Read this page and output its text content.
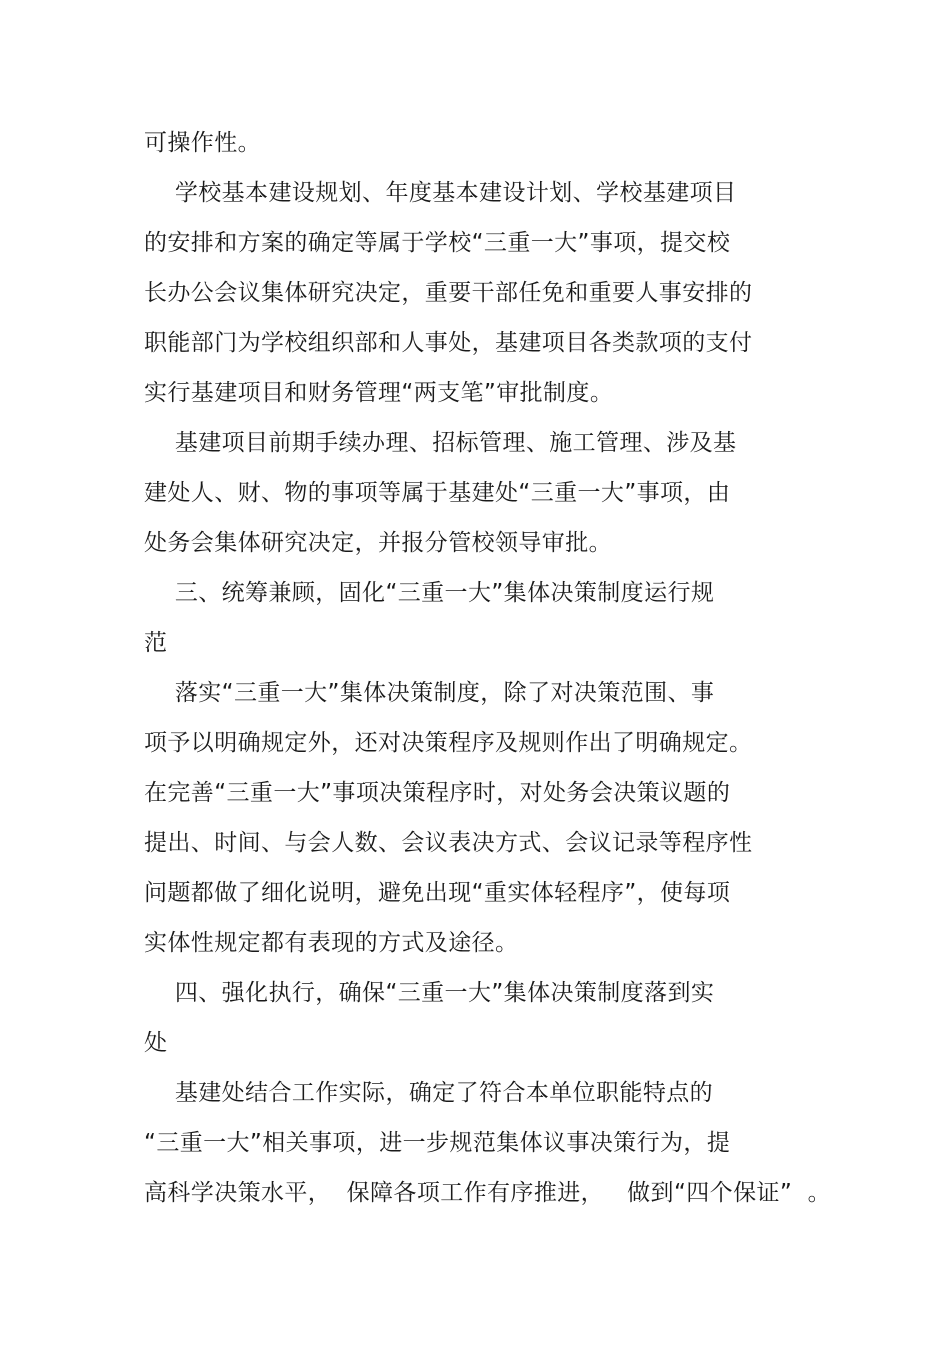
可操作性。
学校基本建设规划、年度基本建设计划、学校基建项目
的安排和方案的确定等属于学校“三重一大”事项，提交校
长办公会议集体研究决定，重要干部任免和重要人事安排的
职能部门为学校组织部和人事处，基建项目各类款项的支付
实行基建项目和财务管理“两支笔”审批制度。
基建项目前期手续办理、招标管理、施工管理、涉及基
建处人、财、物的事项等属于基建处“三重一大”事项，由
处务会集体研究决定，并报分管校领导审批。
三、统筹兼顾，固化“三重一大”集体决策制度运行规
范
落实“三重一大”集体决策制度，除了对决策范围、事
项予以明确规定外，还对决策程序及规则作出了明确规定。
在完善“三重一大”事项决策程序时，对处务会决策议题的
提出、时间、与会人数、会议表决方式、会议记录等程序性
问题都做了细化说明，避免出现“重实体轻程序”，使每项
实体性规定都有表现的方式及途径。
四、强化执行，确保“三重一大”集体决策制度落到实
处
基建处结合工作实际，确定了符合本单位职能特点的
“三重一大”相关事项，进一步规范集体议事决策行为，提
高科学决策水平，  保障各项工作有序推进，   做到“四个保证”  。
